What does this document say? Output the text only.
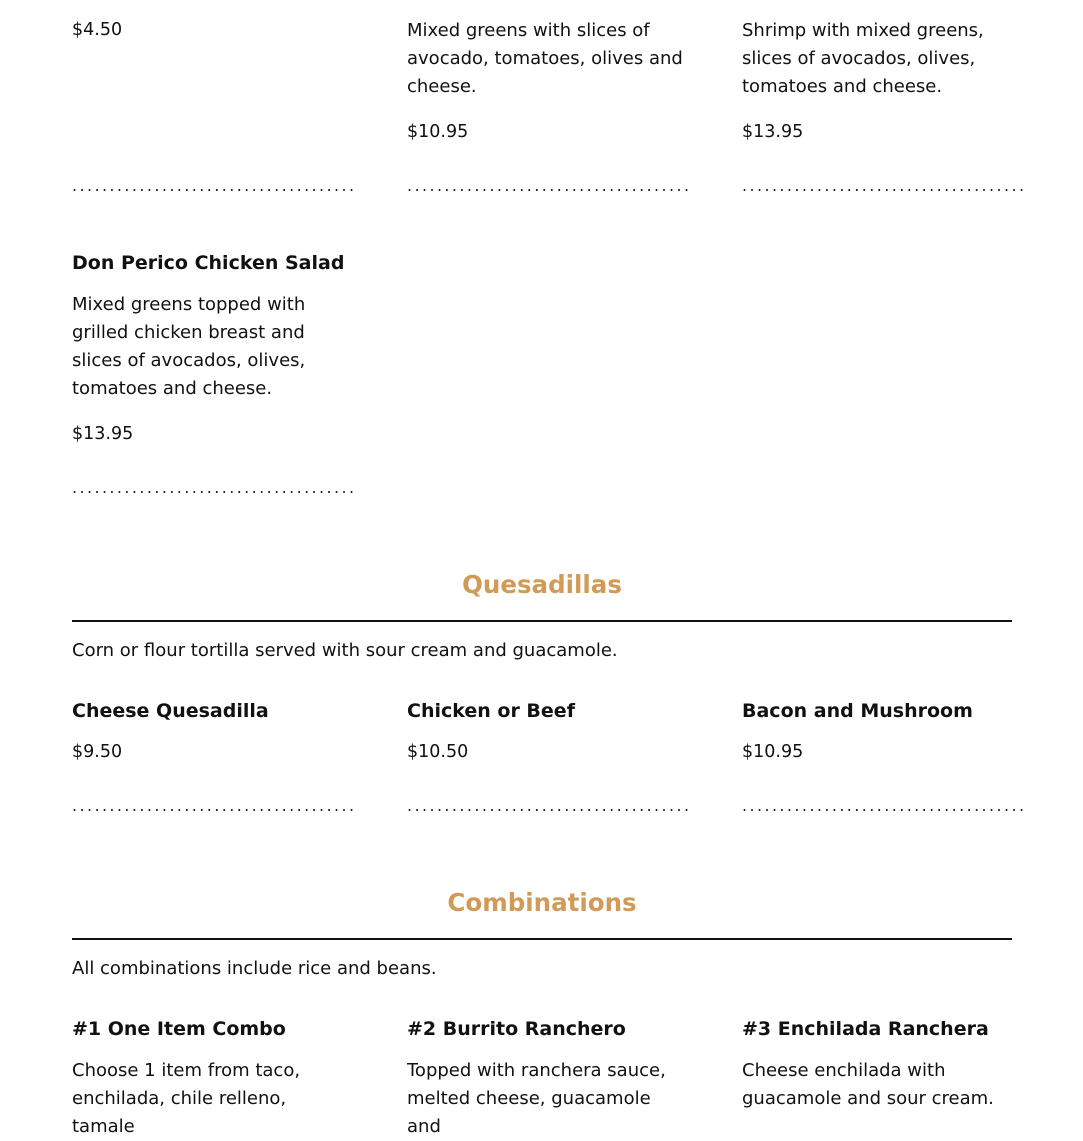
$4.50	Mixed greens with slices of avocado, tomatoes, olives and cheese.
$10.95
Shrimp with mixed greens, slices of avocados, olives, tomatoes and cheese.
$13.95
......................................	......................................	......................................
Don Perico Chicken Salad
Mixed greens topped with grilled chicken breast and slices of avocados, olives, tomatoes and cheese.
$13.95
......................................
Quesadillas
Corn or flour tortilla served with sour cream and guacamole.
Cheese Quesadilla
$9.50
......................................
Chicken or Beef
$10.50
......................................
Bacon and Mushroom
$10.95
......................................
Combinations
All combinations include rice and beans.
#1 One Item Combo
Choose 1 item from taco, enchilada, chile relleno, tamale
#2 Burrito Ranchero
Topped with ranchera sauce, melted cheese, guacamole and
#3 Enchilada Ranchera
Cheese enchilada with guacamole and sour cream.
